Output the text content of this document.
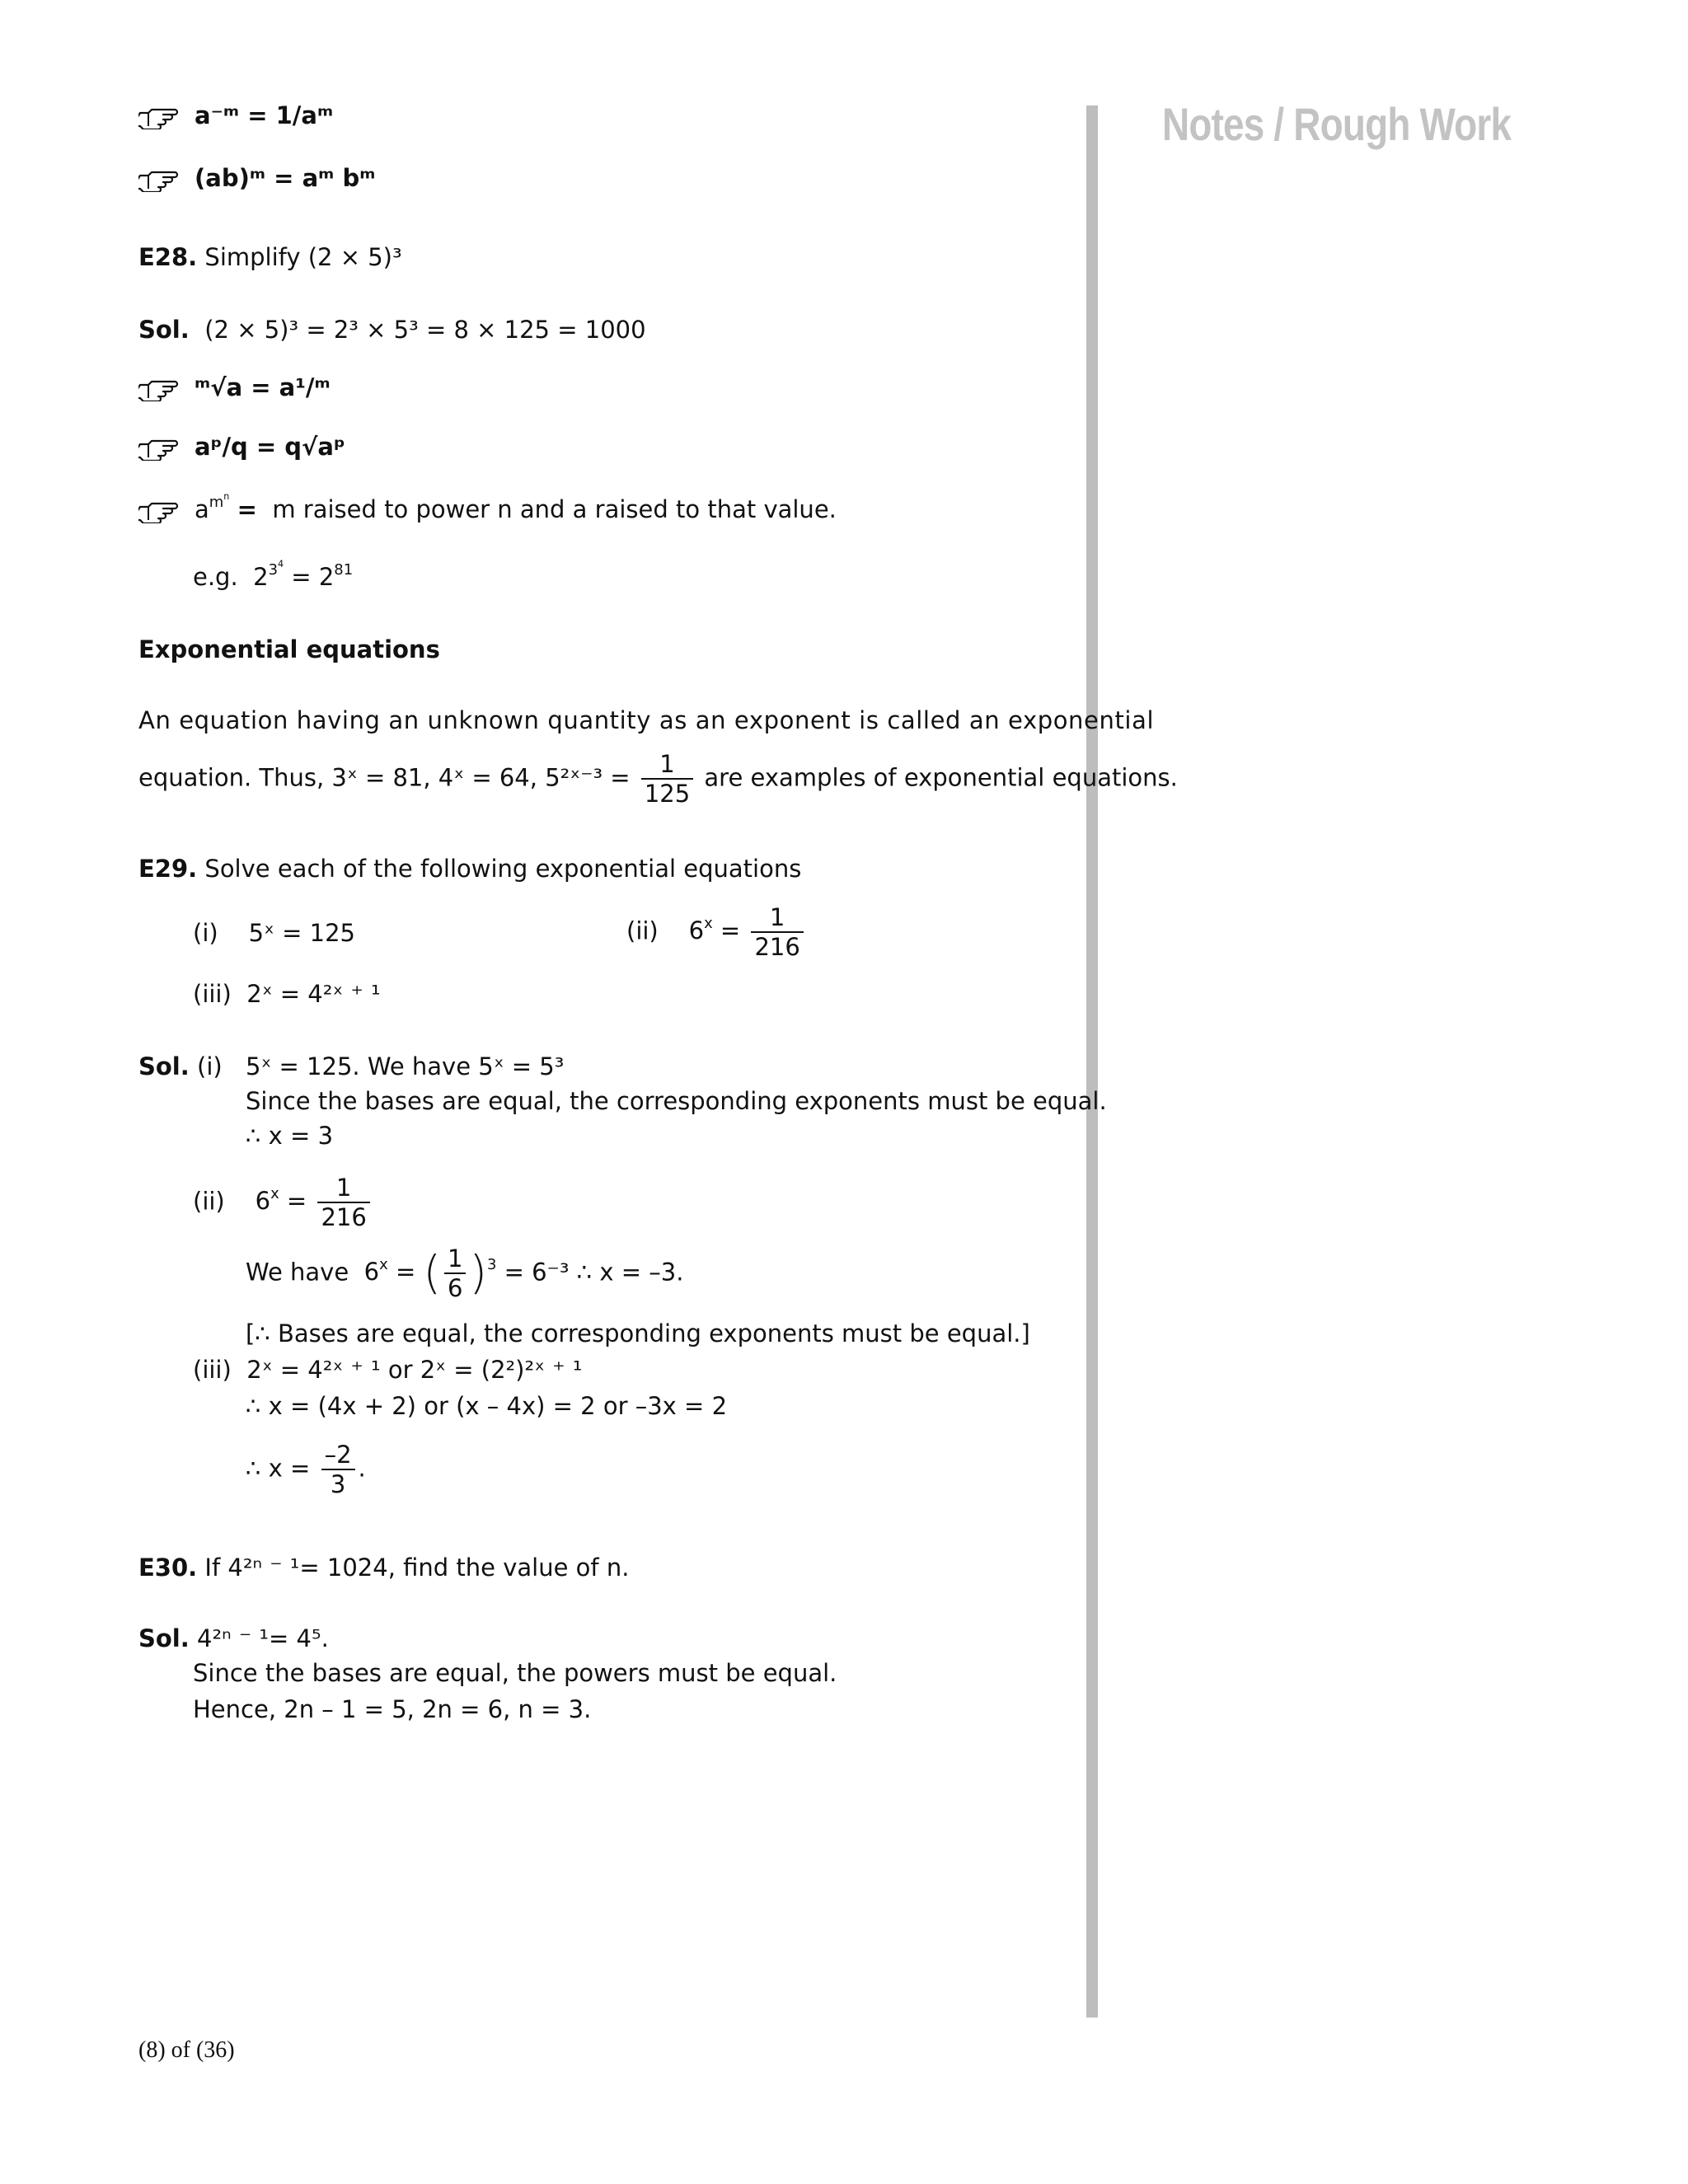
Notes / Rough Work
a⁻ᵐ = 1/aᵐ
(ab)ᵐ = aᵐ bᵐ
E28. Simplify (2 × 5)³
Sol. (2 × 5)³ = 2³ × 5³ = 8 × 125 = 1000
ᵐ√a = a¹/ᵐ
aᵖ/q = q√aᵖ
$a^{m^n} = m$ raised to power n and a raised to that value.
e.g. $2^{3^4} = 2^{81}$
Exponential equations
An equation having an unknown quantity as an exponent is called an exponential
equation. Thus, 3ˣ = 81, 4ˣ = 64, 5²ˣ⁻³ = $\frac{1}{125}$ are examples of exponential equations.
E29. Solve each of the following exponential equations
(i) 5ˣ = 125	(ii) $6^x = \frac{1}{216}$
(iii) 2ˣ = 4²ˣ ⁺ ¹
Sol. (i) 5ˣ = 125. We have 5ˣ = 5³
Since the bases are equal, the corresponding exponents must be equal.
∴ x = 3
(ii) $6^x = \frac{1}{216}$
We have $6^x$ = ( $\frac{1}{6} )^3 = 6^{-3}$ ∴ x = –3.
[∴ Bases are equal, the corresponding exponents must be equal.]
(iii) 2ˣ = 4²ˣ ⁺ ¹ or 2ˣ = (2²)²ˣ ⁺ ¹
∴ x = (4x + 2) or (x – 4x) = 2 or –3x = 2
∴ $x = \frac{-2}{3}$ .
E30. If 4²ⁿ ⁻ ¹= 1024, find the value of n.
Sol. 4²ⁿ ⁻ ¹= 4⁵.
Since the bases are equal, the powers must be equal.
Hence, 2n – 1 = 5, 2n = 6, n = 3.
(8) of (36)
